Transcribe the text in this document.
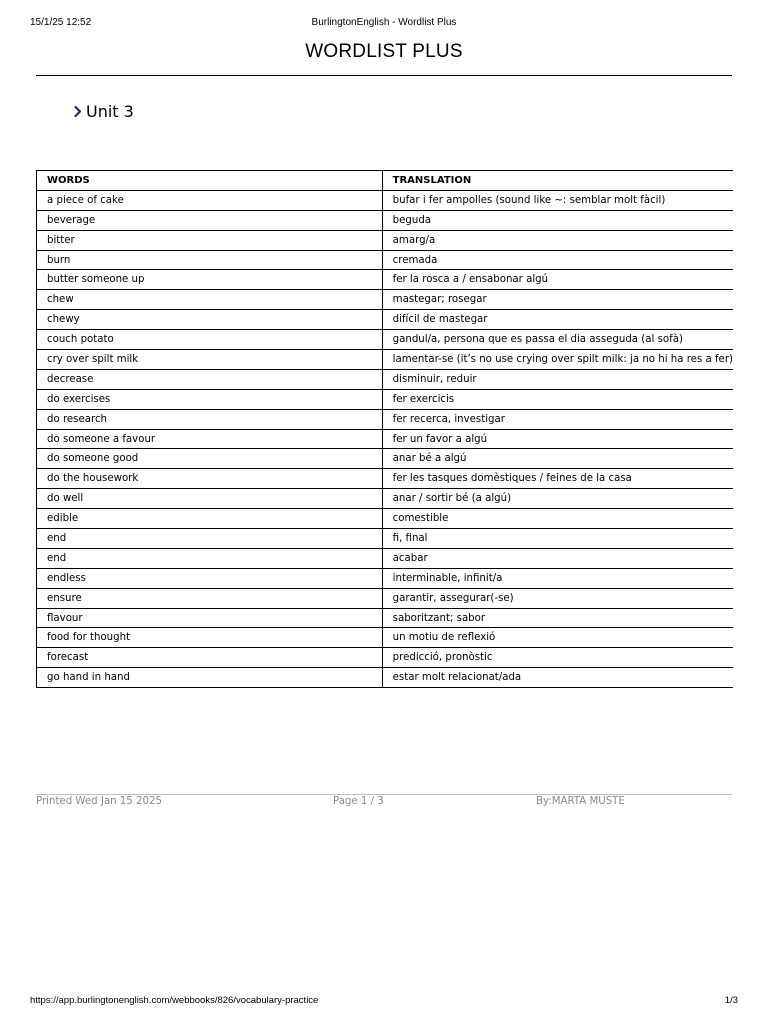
15/1/25 12:52	BurlingtonEnglish - Wordlist Plus
WORDLIST PLUS
Unit 3
WORDS	TRANSLATION
a piece of cake	bufar i fer ampolles (sound like ~: semblar molt fàcil)
beverage	beguda
bitter	amarg/a
burn	cremada
butter someone up	fer la rosca a / ensabonar algú
chew	mastegar; rosegar
chewy	difícil de mastegar
couch potato	gandul/a, persona que es passa el dia asseguda (al sofà)
cry over spilt milk	lamentar-se (it’s no use crying over spilt milk: ja no hi ha res a fer)
decrease	disminuir, reduir
do exercises	fer exercicis
do research	fer recerca, investigar
do someone a favour	fer un favor a algú
do someone good	anar bé a algú
do the housework	fer les tasques domèstiques / feines de la casa
do well	anar / sortir bé (a algú)
edible	comestible
end	fi, final
end	acabar
endless	interminable, infinit/a
ensure	garantir, assegurar(-se)
flavour	saboritzant; sabor
food for thought	un motiu de reflexió
forecast	predicció, pronòstic
go hand in hand	estar molt relacionat/ada
Printed Wed Jan 15 2025	Page 1 / 3	By:MARTA MUSTE
https://app.burlingtonenglish.com/webbooks/826/vocabulary-practice	1/3
